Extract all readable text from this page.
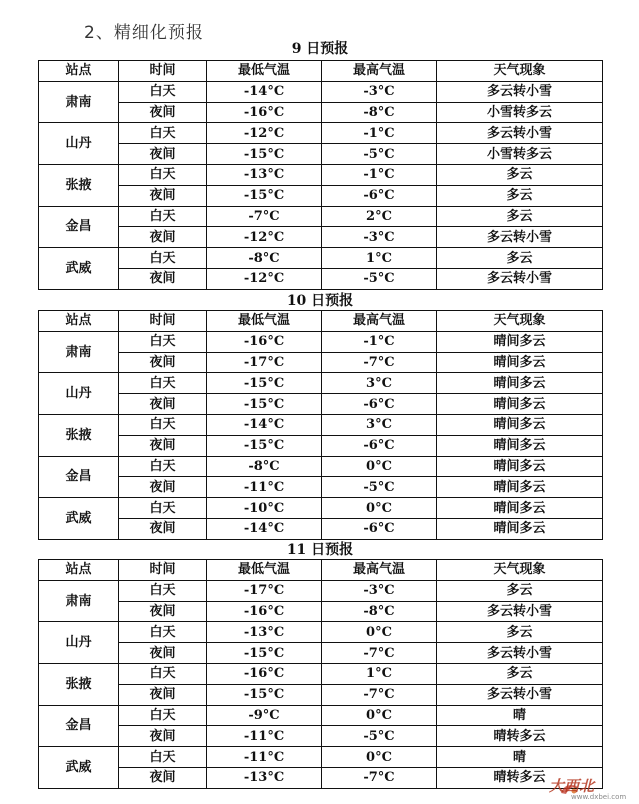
2、精细化预报
9 日预报
站点	时间	最低气温	最高气温	天气现象
肃南	白天	-14°C	-3°C	多云转小雪
	夜间	-16°C	-8°C	小雪转多云
山丹	白天	-12°C	-1°C	多云转小雪
	夜间	-15°C	-5°C	小雪转多云
张掖	白天	-13°C	-1°C	多云
	夜间	-15°C	-6°C	多云
金昌	白天	-7°C	2°C	多云
	夜间	-12°C	-3°C	多云转小雪
武威	白天	-8°C	1°C	多云
	夜间	-12°C	-5°C	多云转小雪
10 日预报
站点	时间	最低气温	最高气温	天气现象
肃南	白天	-16°C	-1°C	晴间多云
	夜间	-17°C	-7°C	晴间多云
山丹	白天	-15°C	3°C	晴间多云
	夜间	-15°C	-6°C	晴间多云
张掖	白天	-14°C	3°C	晴间多云
	夜间	-15°C	-6°C	晴间多云
金昌	白天	-8°C	0°C	晴间多云
	夜间	-11°C	-5°C	晴间多云
武威	白天	-10°C	0°C	晴间多云
	夜间	-14°C	-6°C	晴间多云
11 日预报
站点	时间	最低气温	最高气温	天气现象
肃南	白天	-17°C	-3°C	多云
	夜间	-16°C	-8°C	多云转小雪
山丹	白天	-13°C	0°C	多云
	夜间	-15°C	-7°C	多云转小雪
张掖	白天	-16°C	1°C	多云
	夜间	-15°C	-7°C	多云转小雪
金昌	白天	-9°C	0°C	晴
	夜间	-11°C	-5°C	晴转多云
武威	白天	-11°C	0°C	晴
	夜间	-13°C	-7°C	晴转多云 大西北
www.dxbei.com
